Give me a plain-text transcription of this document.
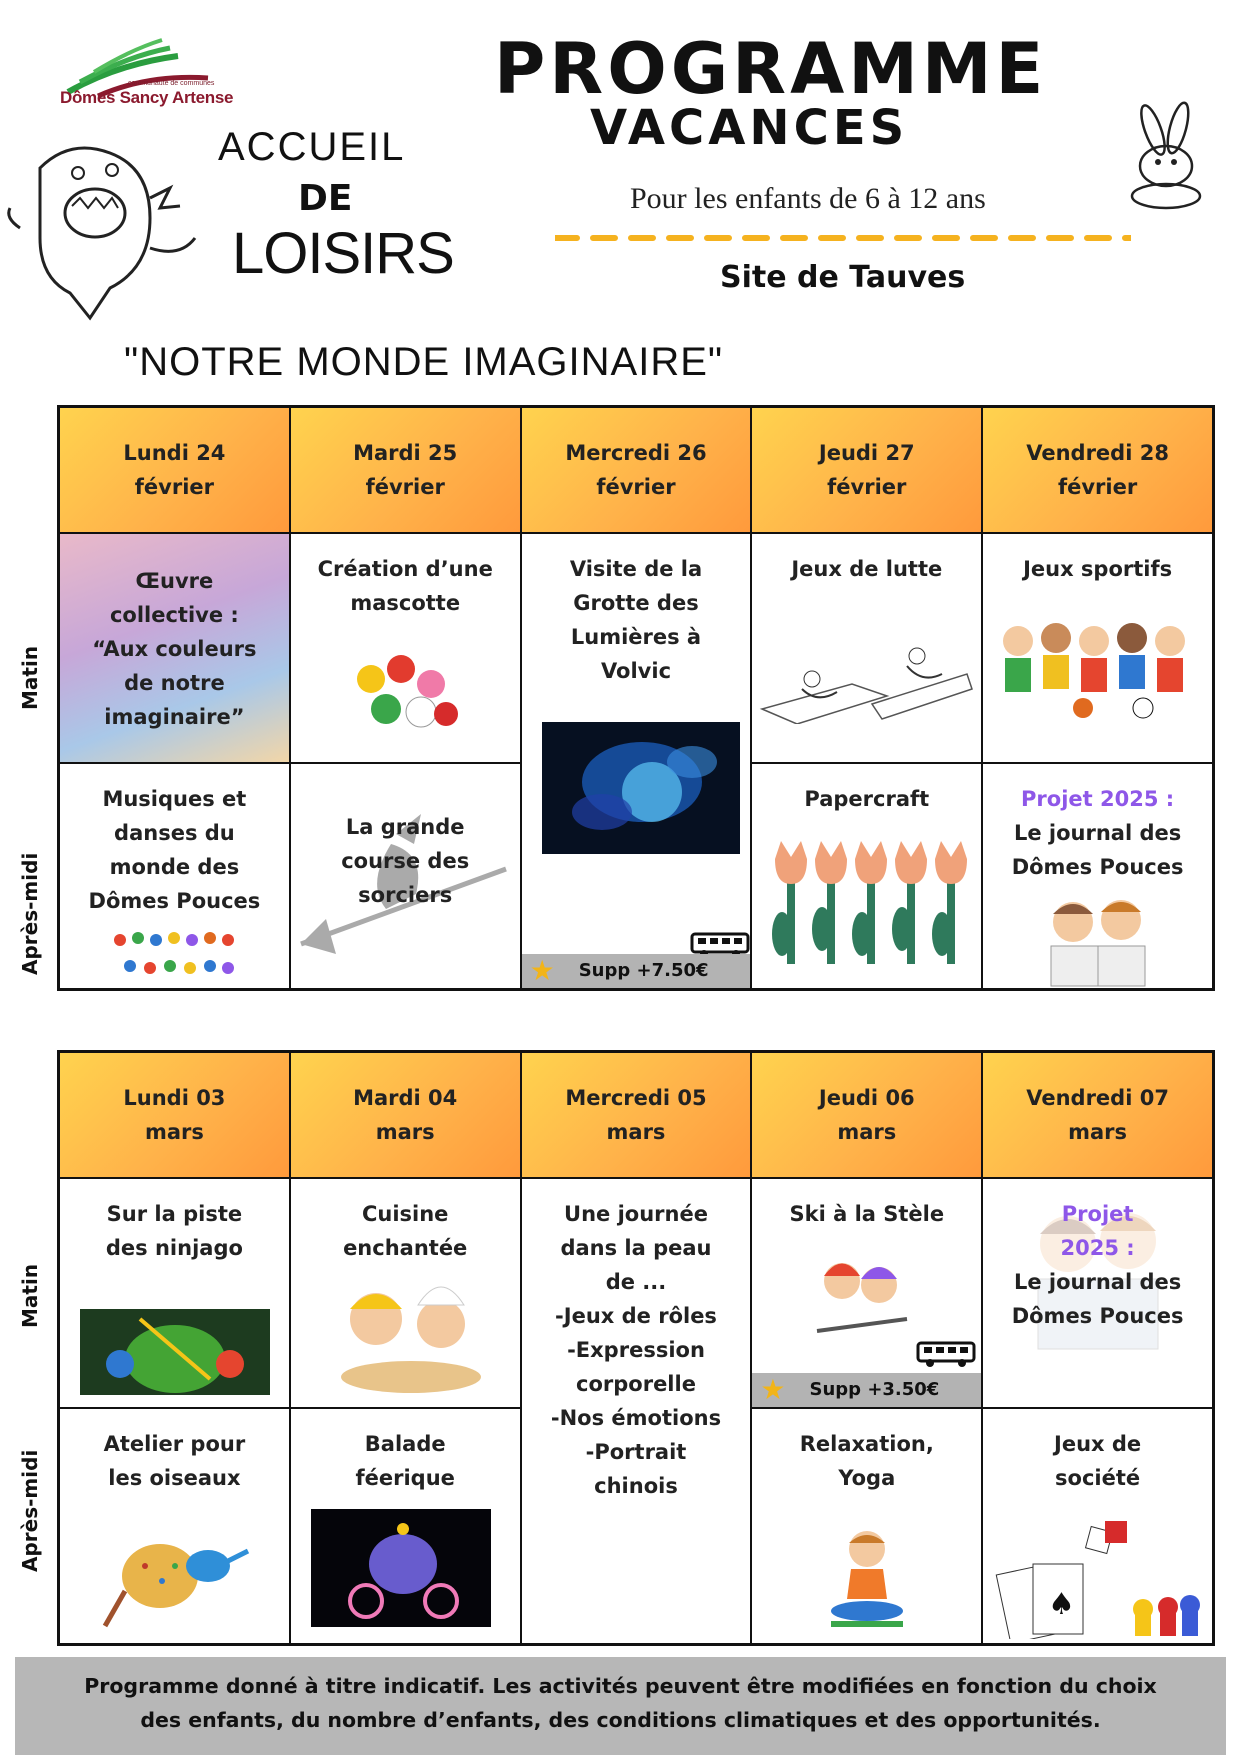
communauté de communes
Dômes Sancy Artense
ACCUEIL
DE
LOISIRS
PROGRAMME
VACANCES
Pour les enfants de 6 à 12 ans
Site de Tauves
"NOTRE MONDE IMAGINAIRE"
Matin
Après-midi
Lundi 24
février
Mardi 25
février
Mercredi 26
février
Jeudi 27
février
Vendredi 28
février
Œuvre
collective :
“Aux couleurs
de notre
imaginaire”
Création d’une
mascotte
Visite de la
Grotte des
Lumières à
Volvic
★ Supp +7.50€
Jeux de lutte	Jeux sportifs
Musiques et
danses du
monde des
Dômes Pouces
La grande
course des
sorciers
Papercraft	Projet 2025 :
Le journal des
Dômes Pouces
Matin
Après-midi
Lundi 03
mars
Mardi 04
mars
Mercredi 05
mars
Jeudi 06
mars
Vendredi 07
mars
Sur la piste
des ninjago
Cuisine
enchantée
Une journée
dans la peau
de ...
-Jeux de rôles
-Expression
corporelle
-Nos émotions
-Portrait
chinois
Ski à la Stèle
★ Supp +3.50€
Projet
2025 :
Le journal des
Dômes Pouces
Atelier pour
les oiseaux
Balade
féerique
Relaxation,
Yoga
Jeux de
société
♠
Programme donné à titre indicatif. Les activités peuvent être modifiées en fonction du choix
des enfants, du nombre d’enfants, des conditions climatiques et des opportunités.
